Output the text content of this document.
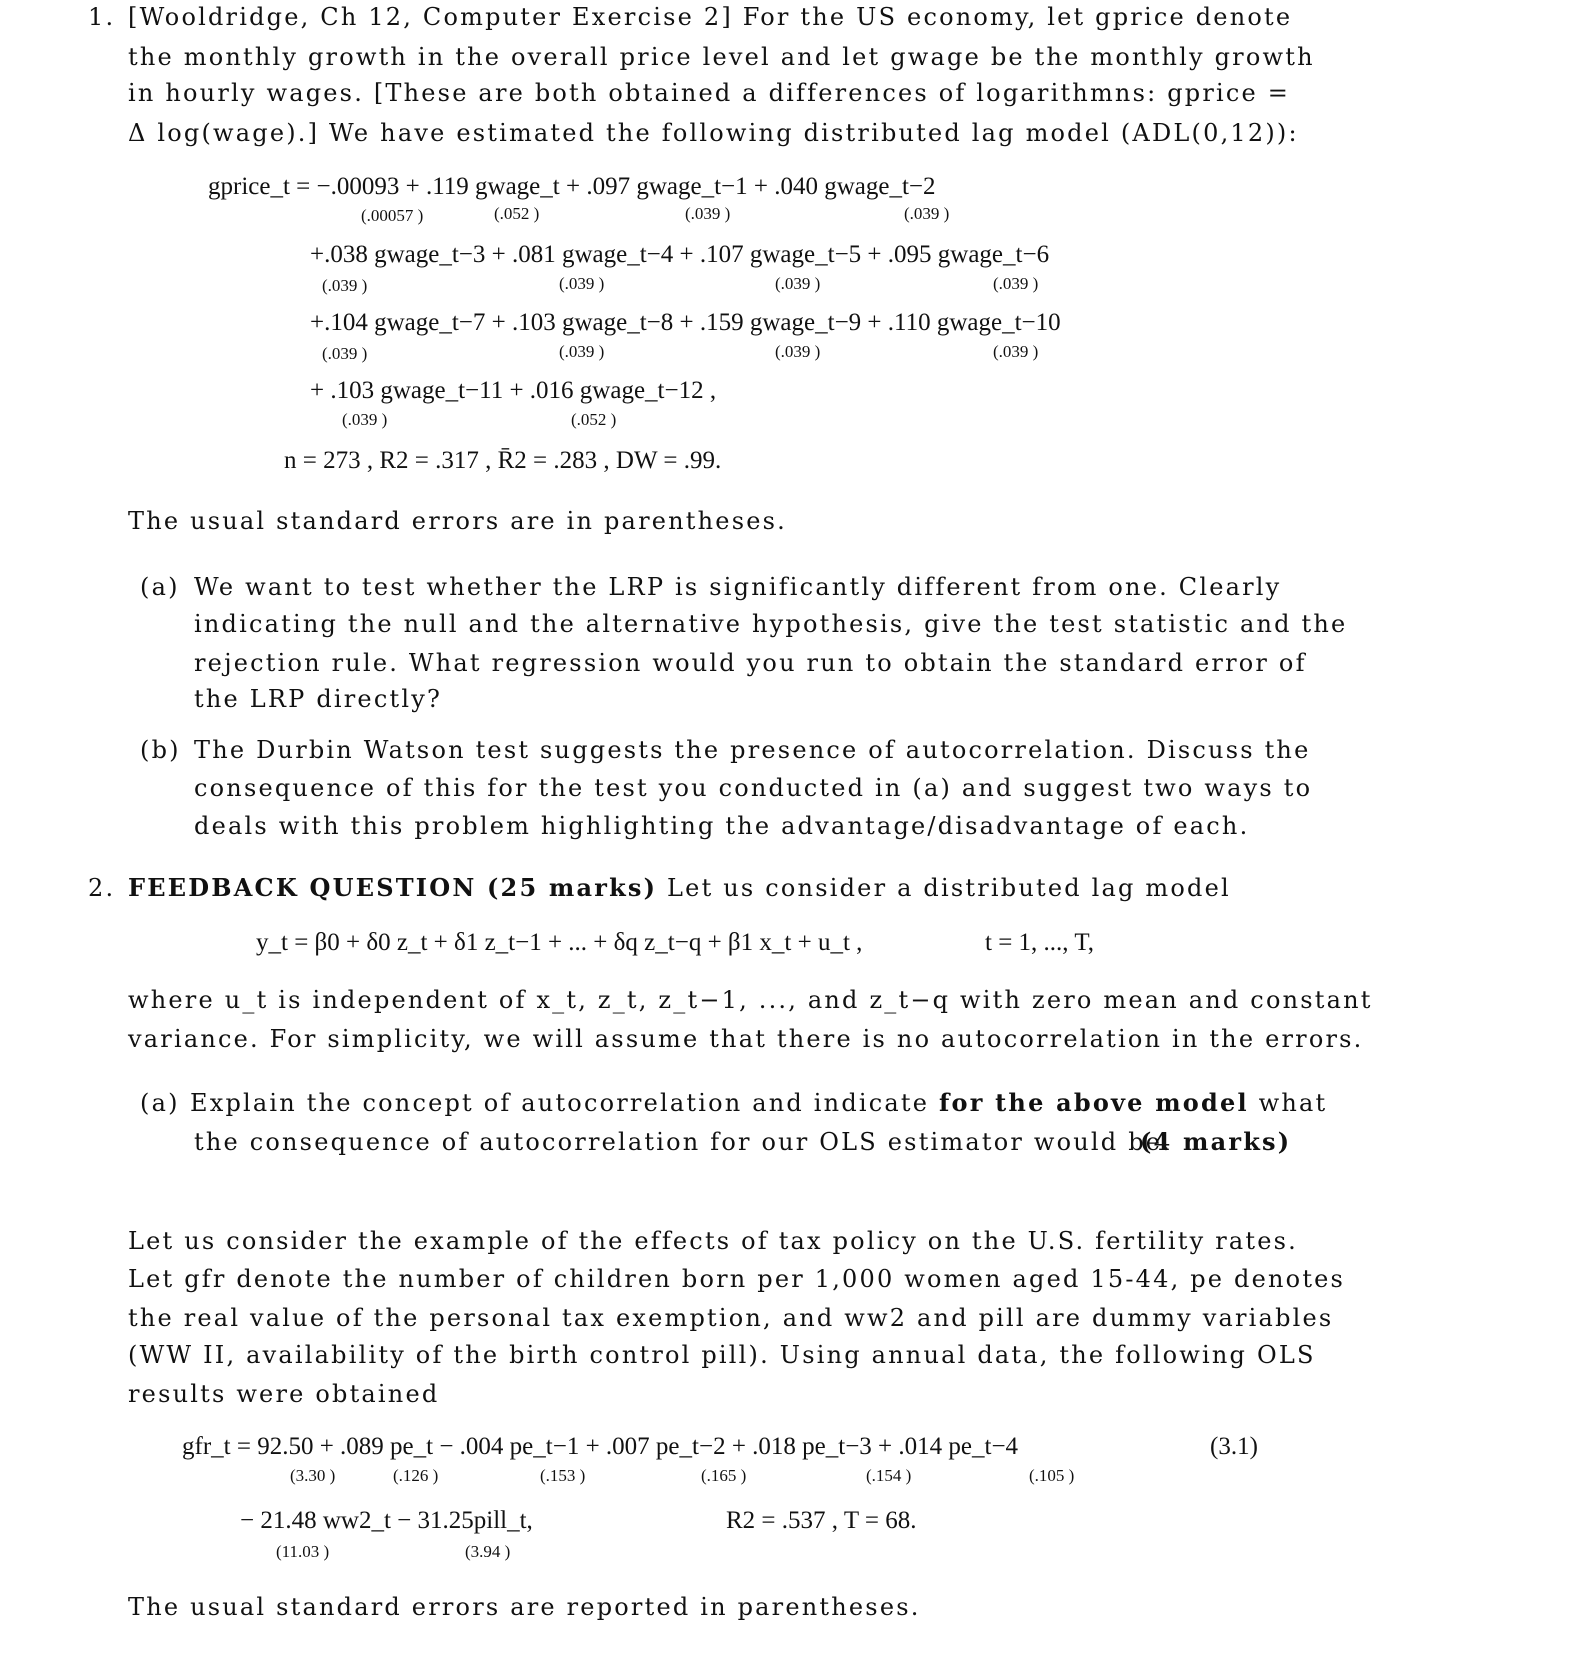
1. [Wooldridge, Ch 12, Computer Exercise 2] For the US economy, let gprice denote
the monthly growth in the overall price level and let gwage be the monthly growth
in hourly wages. [These are both obtained a differences of logarithmns: gprice =
Δ log(wage).] We have estimated the following distributed lag model (ADL(0,12)):
gprice_t = −.00093 + .119 gwage_t + .097 gwage_t−1 + .040 gwage_t−2
(.00057 )	(.052 )	(.039 )	(.039 )
+.038 gwage_t−3 + .081 gwage_t−4 + .107 gwage_t−5 + .095 gwage_t−6
(.039 )	(.039 )	(.039 )	(.039 )
+.104 gwage_t−7 + .103 gwage_t−8 + .159 gwage_t−9 + .110 gwage_t−10
(.039 )	(.039 )	(.039 )	(.039 )
+ .103 gwage_t−11 + .016 gwage_t−12 ,
(.039 )	(.052 )
n = 273 , R2 = .317 , R̄2 = .283 , DW = .99.
The usual standard errors are in parentheses.
(a) We want to test whether the LRP is significantly different from one. Clearly
indicating the null and the alternative hypothesis, give the test statistic and the
rejection rule. What regression would you run to obtain the standard error of
the LRP directly?
(b) The Durbin Watson test suggests the presence of autocorrelation. Discuss the
consequence of this for the test you conducted in (a) and suggest two ways to
deals with this problem highlighting the advantage/disadvantage of each.
2. FEEDBACK QUESTION (25 marks) Let us consider a distributed lag model
y_t = β0 + δ0 z_t + δ1 z_t−1 + ... + δq z_t−q + β1 x_t + u_t ,	t = 1, ..., T,
where u_t is independent of x_t, z_t, z_t−1, ..., and z_t−q with zero mean and constant
variance. For simplicity, we will assume that there is no autocorrelation in the errors.
(a) Explain the concept of autocorrelation and indicate for the above model what
the consequence of autocorrelation for our OLS estimator would be.
(4 marks)
Let us consider the example of the effects of tax policy on the U.S. fertility rates.
Let gfr denote the number of children born per 1,000 women aged 15-44, pe denotes
the real value of the personal tax exemption, and ww2 and pill are dummy variables
(WW II, availability of the birth control pill). Using annual data, the following OLS
results were obtained
gfr_t = 92.50 + .089 pe_t − .004 pe_t−1 + .007 pe_t−2 + .018 pe_t−3 + .014 pe_t−4
(3.30 )	(.126 )	(.153 )	(.165 )	(.154 )	(.105 )
(3.1)
− 21.48 ww2_t − 31.25pill_t,
(11.03 )	(3.94 )
R2 = .537 , T = 68.
The usual standard errors are reported in parentheses.
